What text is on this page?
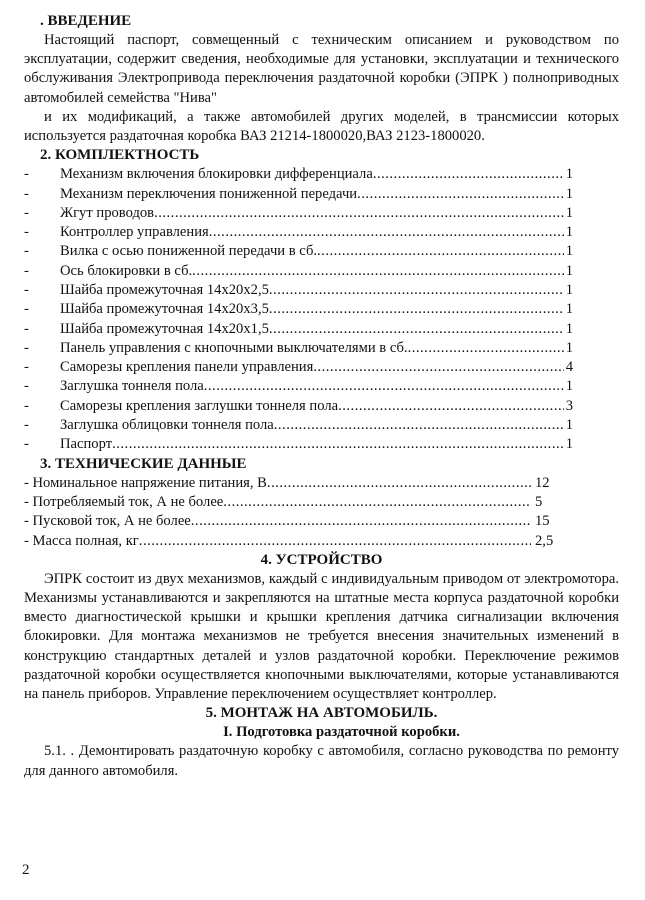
. ВВЕДЕНИЕ

Настоящий паспорт, совмещенный с техническим описанием и руководством по эксплуатации, содержит сведения, необходимые для установки, эксплуатации и технического обслуживания Электропривода переключения раздаточной коробки (ЭПРК ) полноприводных автомобилей семейства "Нива"

и их модификаций, а также автомобилей других моделей, в трансмиссии которых используется раздаточная коробка ВАЗ 21214-1800020,ВАЗ 2123-1800020.

2. КОМПЛЕКТНОСТЬ
-	Механизм включения блокировки дифференциала .....	1
-	Механизм переключения пониженной передачи .....	1
-	Жгут проводов .....	1
-	Контроллер управления .....	1
-	Вилка с осью пониженной передачи в сб. .....	1
-	Ось блокировки в сб. .....	1
-	Шайба промежуточная 14х20х2,5 .....	1
-	Шайба промежуточная 14х20х3,5 .....	1
-	Шайба промежуточная 14х20х1,5 .....	1
-	Панель управления с кнопочными выключателями в сб. .....	1
-	Саморезы крепления панели управления .....	4
-	Заглушка тоннеля пола .....	1
-	Саморезы крепления заглушки тоннеля пола .....	3
-	Заглушка облицовки тоннеля пола .....	1
-	Паспорт .....	1
3. ТЕХНИЧЕСКИЕ ДАННЫЕ
- Номинальное напряжение питания, В .....	12
- Потребляемый ток, А не более .....	5
- Пусковой ток, А не более .....	15
- Масса полная, кг .....	2,5
4. УСТРОЙСТВО

ЭПРК состоит из двух механизмов, каждый с индивидуальным приводом от электромотора. Механизмы устанавливаются и закрепляются на штатные места корпуса раздаточной коробки вместо диагностической крышки и крышки крепления датчика сигнализации включения блокировки. Для монтажа механизмов не требуется внесения значительных изменений в конструкцию стандартных деталей и узлов раздаточной коробки. Переключение режимов раздаточной коробки осуществляется кнопочными выключателями, которые устанавливаются на панель приборов. Управление переключением осуществляет контроллер.

5. МОНТАЖ НА АВТОМОБИЛЬ.
I. Подготовка раздаточной коробки.

5.1. . Демонтировать раздаточную коробку с автомобиля, согласно руководства по ремонту для данного автомобиля.

2
